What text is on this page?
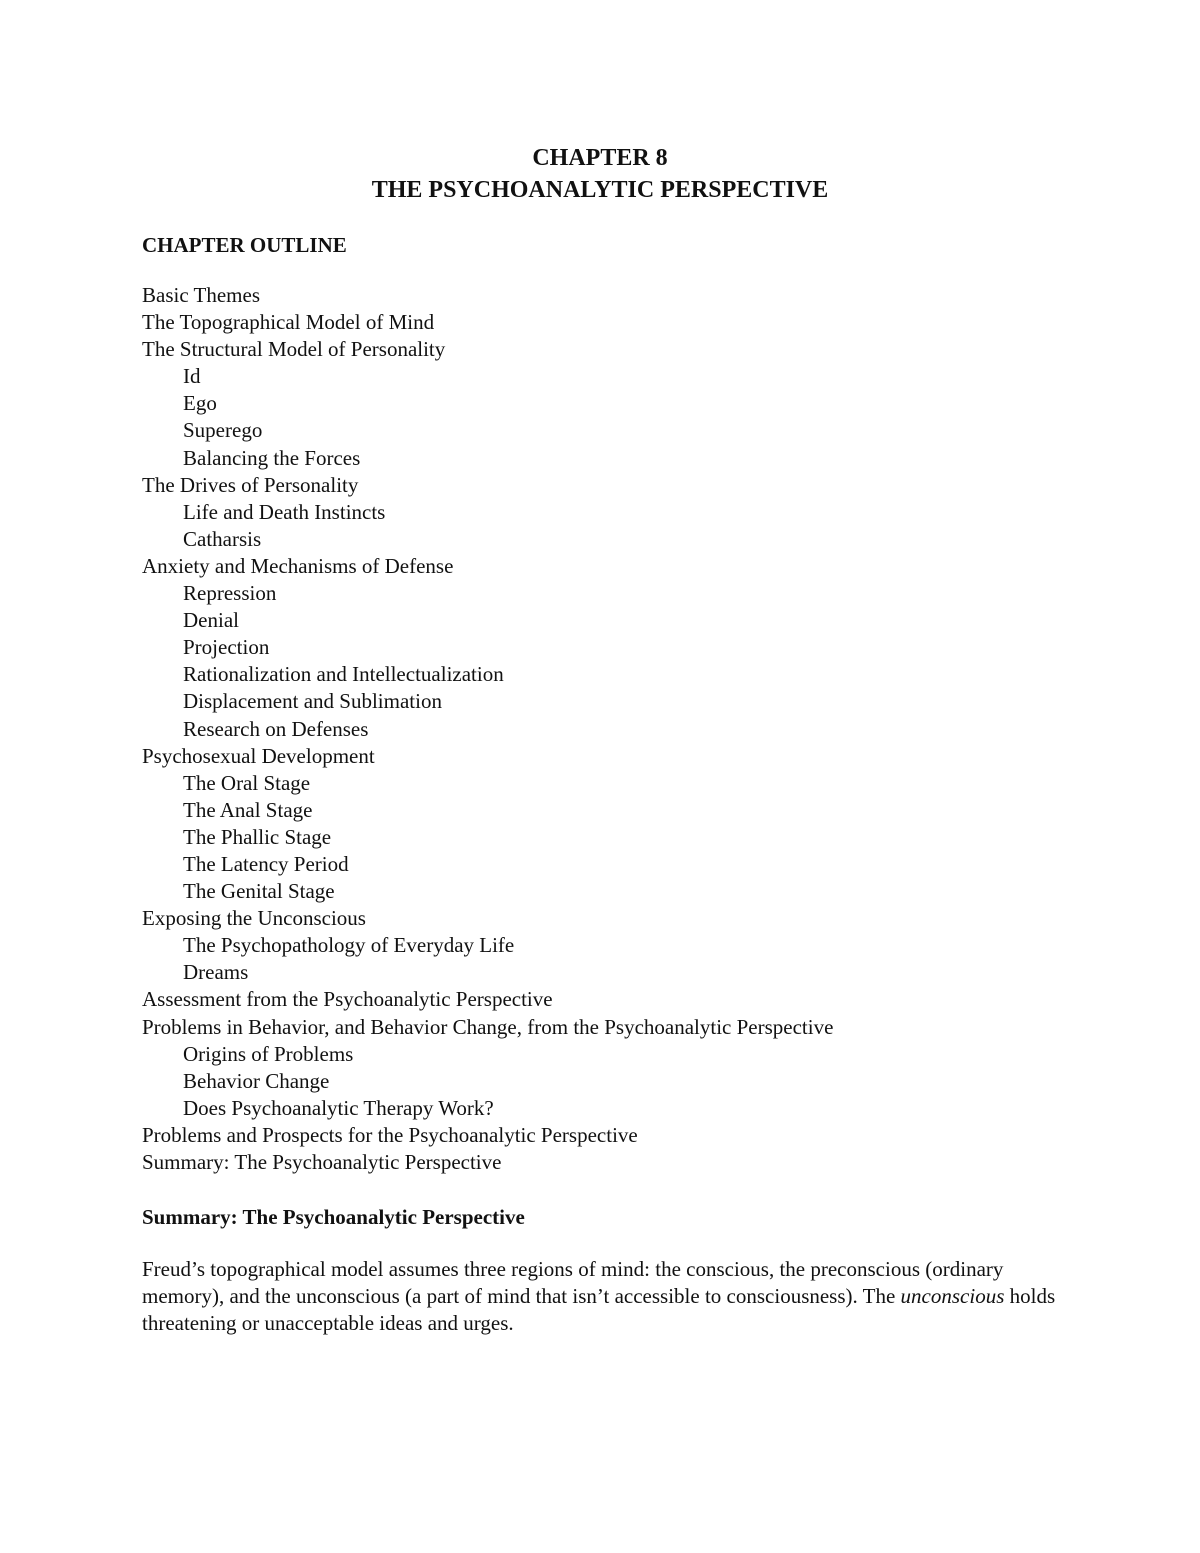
CHAPTER 8

THE PSYCHOANALYTIC PERSPECTIVE

CHAPTER OUTLINE

Basic Themes
The Topographical Model of Mind
The Structural Model of Personality
Id
Ego
Superego
Balancing the Forces
The Drives of Personality
Life and Death Instincts
Catharsis
Anxiety and Mechanisms of Defense
Repression
Denial
Projection
Rationalization and Intellectualization
Displacement and Sublimation
Research on Defenses
Psychosexual Development
The Oral Stage
The Anal Stage
The Phallic Stage
The Latency Period
The Genital Stage
Exposing the Unconscious
The Psychopathology of Everyday Life
Dreams
Assessment from the Psychoanalytic Perspective
Problems in Behavior, and Behavior Change, from the Psychoanalytic Perspective
Origins of Problems
Behavior Change
Does Psychoanalytic Therapy Work?
Problems and Prospects for the Psychoanalytic Perspective
Summary: The Psychoanalytic Perspective

Summary: The Psychoanalytic Perspective

Freud’s topographical model assumes three regions of mind: the conscious, the preconscious (ordinary memory), and the unconscious (a part of mind that isn’t accessible to consciousness). The unconscious holds threatening or unacceptable ideas and urges.
